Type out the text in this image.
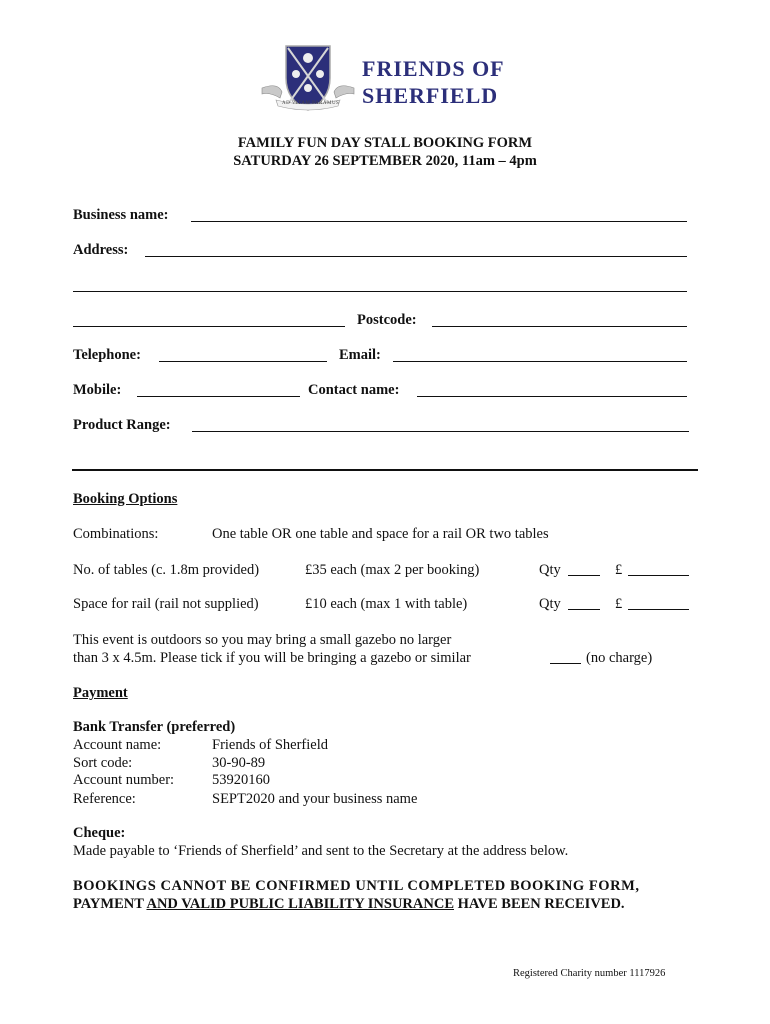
AD VITAM PARAMUS
FRIENDS OF
SHERFIELD
FAMILY FUN DAY STALL BOOKING FORM
SATURDAY 26 SEPTEMBER 2020, 11am – 4pm
Business name:
Address:
Postcode:
Telephone:	Email:
Mobile:	Contact name:
Product Range:
Booking Options
Combinations:	One table OR one table and space for a rail OR two tables
No. of tables (c. 1.8m provided)	£35 each (max 2 per booking)	Qty	£
Space for rail (rail not supplied)	£10 each (max 1 with table)	Qty	£
This event is outdoors so you may bring a small gazebo no larger
than 3 x 4.5m. Please tick if you will be bringing a gazebo or similar	(no charge)
Payment
Bank Transfer (preferred)
Account name:	Friends of Sherfield
Sort code:	30-90-89
Account number:	53920160
Reference:	SEPT2020 and your business name
Cheque:
Made payable to ‘Friends of Sherfield’ and sent to the Secretary at the address below.
BOOKINGS CANNOT BE CONFIRMED UNTIL COMPLETED BOOKING FORM,
PAYMENT AND VALID PUBLIC LIABILITY INSURANCE HAVE BEEN RECEIVED.
Registered Charity number 1117926
